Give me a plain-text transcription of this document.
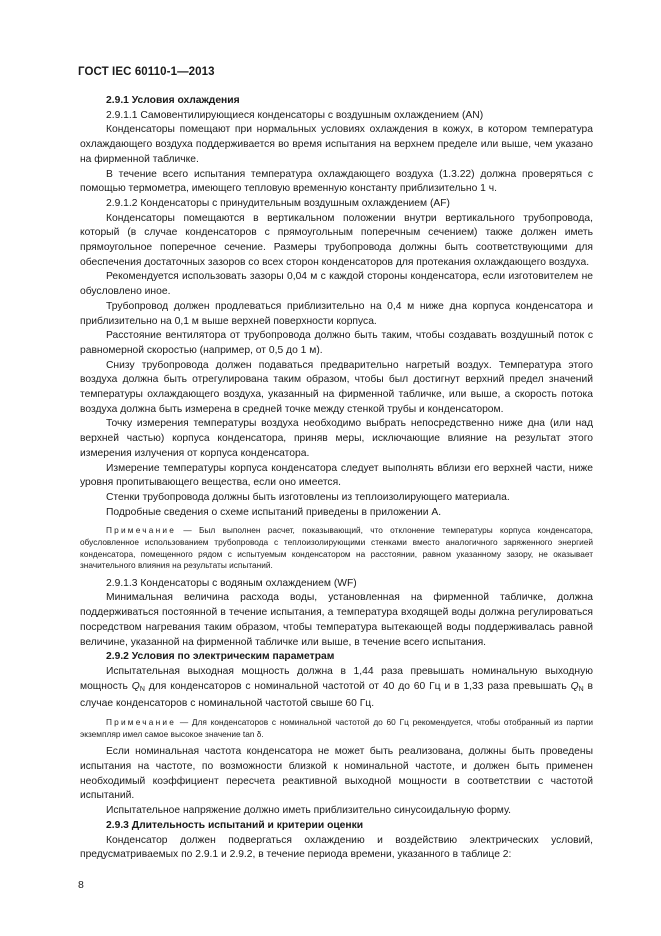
ГОСТ IEC 60110-1—2013

2.9.1 Условия охлаждения

2.9.1.1 Самовентилирующиеся конденсаторы с воздушным охлаждением (AN)

Конденсаторы помещают при нормальных условиях охлаждения в кожух, в котором температура охлаждающего воздуха поддерживается во время испытания на верхнем пределе или выше, чем указано на фирменной табличке.

В течение всего испытания температура охлаждающего воздуха (1.3.22) должна проверяться с помощью термометра, имеющего тепловую временную константу приблизительно 1 ч.

2.9.1.2 Конденсаторы с принудительным воздушным охлаждением (AF)

Конденсаторы помещаются в вертикальном положении внутри вертикального трубопровода, который (в случае конденсаторов с прямоугольным поперечным сечением) также должен иметь прямоугольное поперечное сечение. Размеры трубопровода должны быть соответствующими для обеспечения достаточных зазоров со всех сторон конденсаторов для протекания охлаждающего воздуха.

Рекомендуется использовать зазоры 0,04 м с каждой стороны конденсатора, если изготовителем не обусловлено иное.

Трубопровод должен продлеваться приблизительно на 0,4 м ниже дна корпуса конденсатора и приблизительно на 0,1 м выше верхней поверхности корпуса.

Расстояние вентилятора от трубопровода должно быть таким, чтобы создавать воздушный поток с равномерной скоростью (например, от 0,5 до 1 м).

Снизу трубопровода должен подаваться предварительно нагретый воздух. Температура этого воздуха должна быть отрегулирована таким образом, чтобы был достигнут верхний предел значений температуры охлаждающего воздуха, указанный на фирменной табличке, или выше, а скорость потока воздуха должна быть измерена в средней точке между стенкой трубы и конденсатором.

Точку измерения температуры воздуха необходимо выбрать непосредственно ниже дна (или над верхней частью) корпуса конденсатора, приняв меры, исключающие влияние на результат этого измерения излучения от корпуса конденсатора.

Измерение температуры корпуса конденсатора следует выполнять вблизи его верхней части, ниже уровня пропитывающего вещества, если оно имеется.

Стенки трубопровода должны быть изготовлены из теплоизолирующего материала.

Подробные сведения о схеме испытаний приведены в приложении А.

Примечание — Был выполнен расчет, показывающий, что отклонение температуры корпуса конденсатора, обусловленное использованием трубопровода с теплоизолирующими стенками вместо аналогичного заряженного энергией конденсатора, помещенного рядом с испытуемым конденсатором на расстоянии, равном указанному зазору, не оказывает значительного влияния на результаты испытаний.

2.9.1.3 Конденсаторы с водяным охлаждением (WF)

Минимальная величина расхода воды, установленная на фирменной табличке, должна поддерживаться постоянной в течение испытания, а температура входящей воды должна регулироваться посредством нагревания таким образом, чтобы температура вытекающей воды поддерживалась равной величине, указанной на фирменной табличке или выше, в течение всего испытания.

2.9.2 Условия по электрическим параметрам

Испытательная выходная мощность должна в 1,44 раза превышать номинальную выходную мощность $Q_N$ для конденсаторов с номинальной частотой от 40 до 60 Гц и в 1,33 раза превышать $Q_N$ в случае конденсаторов с номинальной частотой свыше 60 Гц.

Примечание — Для конденсаторов с номинальной частотой до 60 Гц рекомендуется, чтобы отобранный из партии экземпляр имел самое высокое значение tan δ.

Если номинальная частота конденсатора не может быть реализована, должны быть проведены испытания на частоте, по возможности близкой к номинальной частоте, и должен быть применен необходимый коэффициент пересчета реактивной выходной мощности в соответствии с частотой испытаний.

Испытательное напряжение должно иметь приблизительно синусоидальную форму.

2.9.3 Длительность испытаний и критерии оценки

Конденсатор должен подвергаться охлаждению и воздействию электрических условий, предусматриваемых по 2.9.1 и 2.9.2, в течение периода времени, указанного в таблице 2:

8
